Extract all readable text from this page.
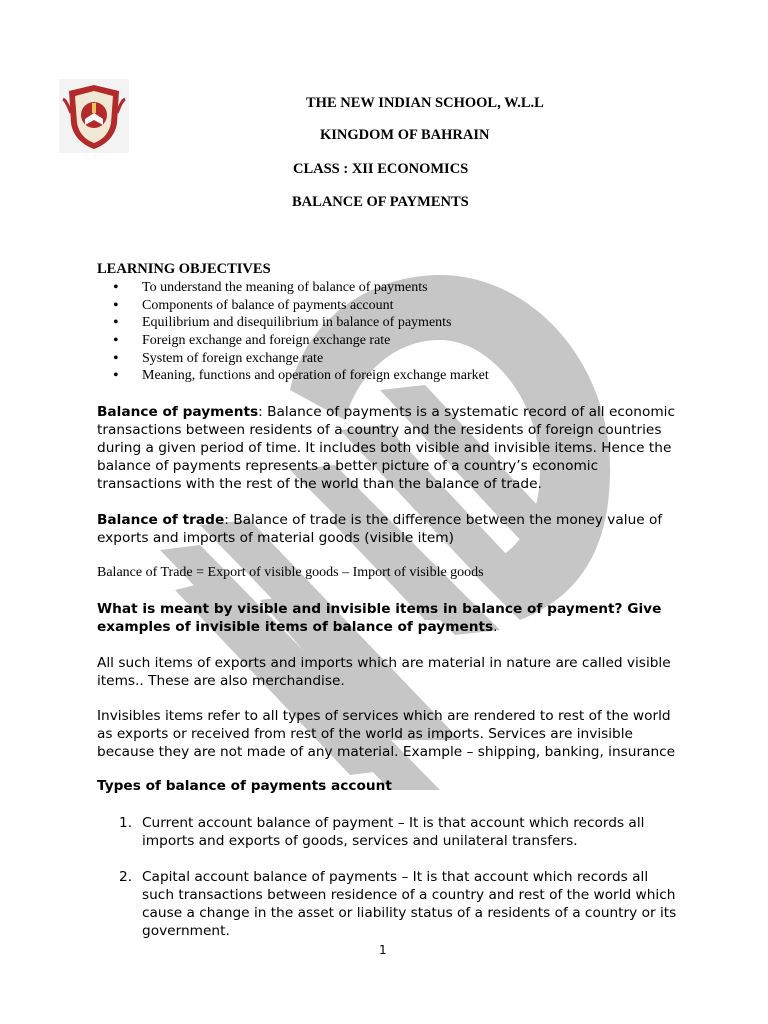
THE NEW INDIAN SCHOOL, W.L.L
KINGDOM OF BAHRAIN
CLASS : XII ECONOMICS
BALANCE OF PAYMENTS
LEARNING OBJECTIVES
• To understand the meaning of balance of payments
• Components of balance of payments account
• Equilibrium and disequilibrium in balance of payments
• Foreign exchange and foreign exchange rate
• System of foreign exchange rate
• Meaning, functions and operation of foreign exchange market
Balance of payments: Balance of payments is a systematic record of all economic transactions between residents of a country and the residents of foreign countries during a given period of time. It includes both visible and invisible items. Hence the balance of payments represents a better picture of a country’s economic transactions with the rest of the world than the balance of trade.
Balance of trade: Balance of trade is the difference between the money value of exports and imports of material goods (visible item)
Balance of Trade = Export of visible goods – Import of visible goods
What is meant by visible and invisible items in balance of payment? Give examples of invisible items of balance of payments.
All such items of exports and imports which are material in nature are called visible items.. These are also merchandise.
Invisibles items refer to all types of services which are rendered to rest of the world as exports or received from rest of the world as imports. Services are invisible because they are not made of any material. Example – shipping, banking, insurance
Types of balance of payments account
1. Current account balance of payment – It is that account which records all imports and exports of goods, services and unilateral transfers.
2. Capital account balance of payments – It is that account which records all such transactions between residence of a country and rest of the world which cause a change in the asset or liability status of a residents of a country or its government.
1
